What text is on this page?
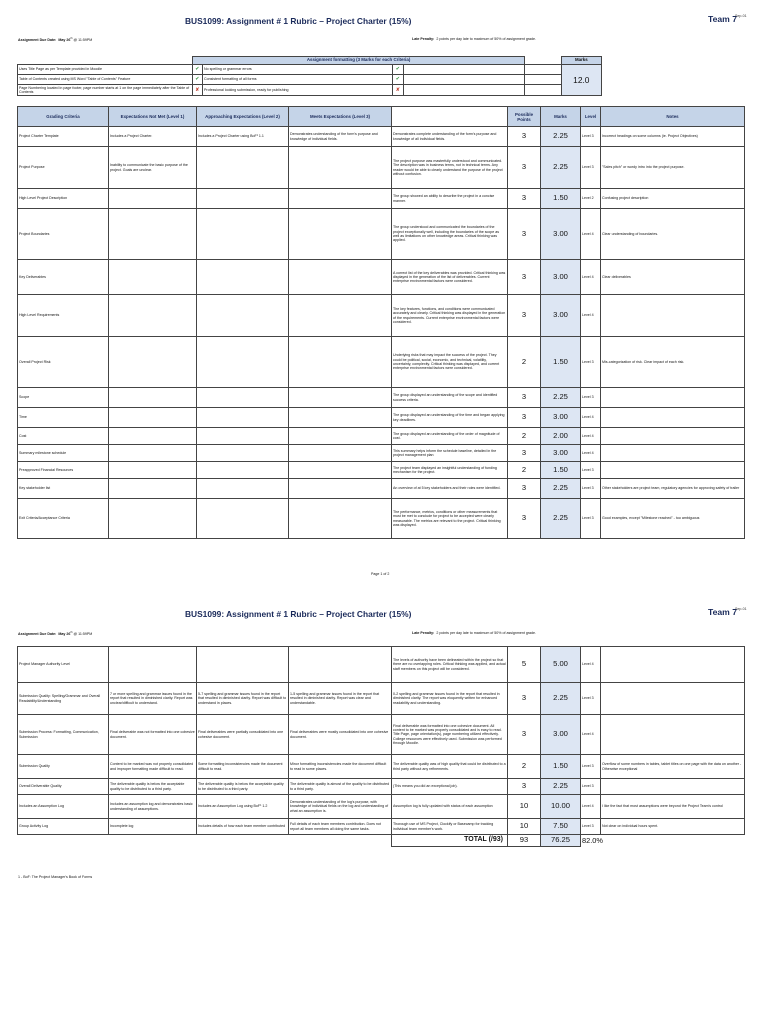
BUS1099: Assignment # 1 Rubric – Project Charter (15%)	Team $7^{Sep-01}$
Assignment Due Date: May 26th @ 11:59PM	Late Penalty: 2 points per day late to maximum of 50% of assignment grade.
	Assignment formatting (3 Marks for each Criteria)					Marks
Uses Title Page as per Template provided in Moodle	✔	No spelling or grammar errors	✔			12.0
Table of Contents created using MS Word "Table of Contents" Feature	✔	Consistent formatting of all forms	✔			
Page Numbering located in page footer, page number starts at 1 on the page immediately after the Table of Contents	✘	Professional looking submission, ready for publishing	✘			
Grading Criteria	Expectations Not Met (Level 1)	Approaching Expectations (Level 2)	Meets Expectations (Level 3)		Possible Points	Marks	Level	Notes
Project Charter Template	Includes a Project Charter.	Includes a Project Charter using BoF¹ 1.1	Demonstrates understanding of the form's purpose and knowledge of individual fields.	Demonstrates complete understanding of the form's purpose and knowledge of all individual fields.	3	2.25	Level 3	Incorrect headings on some columns (ie. Project Objectives)
Project Purpose	Inability to communicate the basic purpose of the project. Goals are unclear.			The project purpose was masterfully understood and communicated. The description was in business terms, not in technical terms. Any reader would be able to clearly understand the purpose of the project without confusion.	3	2.25	Level 3	"Sales pitch" or wordy intro into the project purpose.
High Level Project Description				The group showed an ability to describe the project in a concise manner.	3	1.50	Level 2	Confusing project description
Project Boundaries				The group understood and communicated the boundaries of the project exceptionally well, including the boundaries of the scope as well as limitations on other knowledge areas. Critical thinking was applied.	3	3.00	Level 4	Clear understanding of boundaries.
Key Deliverables				A correct list of the key deliverables was provided. Critical thinking was displayed in the generation of the list of deliverables. Current enterprise environmental factors were considered.	3	3.00	Level 4	Clear deliverables
High Level Requirements				The key features, functions, and conditions were communicated accurately and clearly. Critical thinking was displayed in the generation of the requirements. Current enterprise environmental factors were considered.	3	3.00	Level 4	
Overall Project Risk				Underlying risks that may impact the success of the project. They could be political, social, economic, and technical, volatility, uncertainty, complexity. Critical thinking was displayed, and current enterprise environmental factors were considered.	2	1.50	Level 3	Mis-categorization of risk. Clear impact of each risk.
Scope				The group displayed an understanding of the scope and identified success criteria.	3	2.25	Level 3	
Time				The group displayed an understanding of the time and began applying key deadlines.	3	3.00	Level 4	
Cost				The group displayed an understanding of the order of magnitude of cost.	2	2.00	Level 4	
Summary milestone schedule				This summary helps inform the schedule baseline, detailed in the project management plan	3	3.00	Level 4	
Preapproved Financial Resources				The project team displayed an insightful understanding of funding mechanism for the project.	2	1.50	Level 3	
Key stakeholder list				An overview of at 5 key stakeholders and their roles were identified.	3	2.25	Level 3	Other stakeholders are project team, regulatory agencies for approving safety of trailer
Exit Criteria/Acceptance Criteria				The performance, metrics, conditions or other measurements that must be met to conclude for project to be accepted were clearly measurable. The metrics are relevant to the project. Critical thinking was displayed.	3	2.25	Level 3	Good examples, except "Milestone reached" - too ambiguous
Page 1 of 2
BUS1099: Assignment # 1 Rubric – Project Charter (15%)	Team $7^{Sep-01}$
Assignment Due Date: May 26th @ 11:59PM	Late Penalty: 2 points per day late to maximum of 50% of assignment grade.
Project Manager Authority Level				The levels of authority have been delineated within the project so that there are no overlapping roles. Critical thinking was applied, and actual staff members on this project will be considered.	5	5.00	Level 4	
Submission Quality: Spelling/Grammar and Overall Readability/Understanding	7 or more spelling and grammar issues found in the report that resulted in diminished clarity. Report was unclear/difficult to understand.	5-7 spelling and grammar issues found in the report that resulted in diminished clarity. Report was difficult to understand in places.	1-5 spelling and grammar issues found in the report that resulted in diminished clarity. Report was clear and understandable.	0-2 spelling and grammar issues found in the report that resulted in diminished clarity. The report was eloquently written for enhanced readability and understanding.	3	2.25	Level 3	
Submission Process: Formatting, Communication, Submission	Final deliverable was not formatted into one cohesive document.	Final deliverables were partially consolidated into one cohesive document.	Final deliverables were mostly consolidated into one cohesive document.	Final deliverable was formatted into one cohesive document. All content to be marked was properly consolidated and is easy to read. Title Page, page orientation(s), page numbering utilized effectively. College resources were effectively used. Submission was performed through Moodle.	3	3.00	Level 4	
Submission Quality	Content to be marked was not properly consolidated and improper formatting made difficult to read.	Some formatting inconsistencies made the document difficult to read.	Minor formatting inconsistencies made the document difficult to read in some places.	The deliverable quality was of high quality that could be distributed to a third party without any refinements.	2	1.50	Level 3	Overflow of some numbers in tables, tablet titles on one page with the data on another - Otherwise exceptional
Overall Deliverable Quality	The deliverable quality is below the acceptable quality to be distributed to a third party.	The deliverable quality is below the acceptable quality to be distributed to a third party.	The deliverable quality is almost of the quality to be distributed to a third party.	(This means you did an exceptional job).	3	2.25	Level 3	
Includes an Assumption Log	Includes an assumption log and demonstrates basic understanding of assumptions.	Includes an Assumption Log using BoF¹ 1.2	Demonstrates understanding of the log's purpose, with knowledge of individual fields on the log and understanding of what an assumption is.	Assumption log is fully updated with status of each assumption	10	10.00	Level 4	I like the fact that most assumptions were beyond the Project Team's control
Group Activity Log	Incomplete log	Includes details of how each team member contributed	Full details of each team members contribution. Does not report all team members all doing the same tasks.	Thorough use of MS Project, Clockify or Basecamp for tracking individual team member's work.	10	7.50	Level 3	Not clear on individual hours spent.
				TOTAL (/93)	93	76.25	82.0%	
1 - BoF: The Project Manager's Book of Forms
